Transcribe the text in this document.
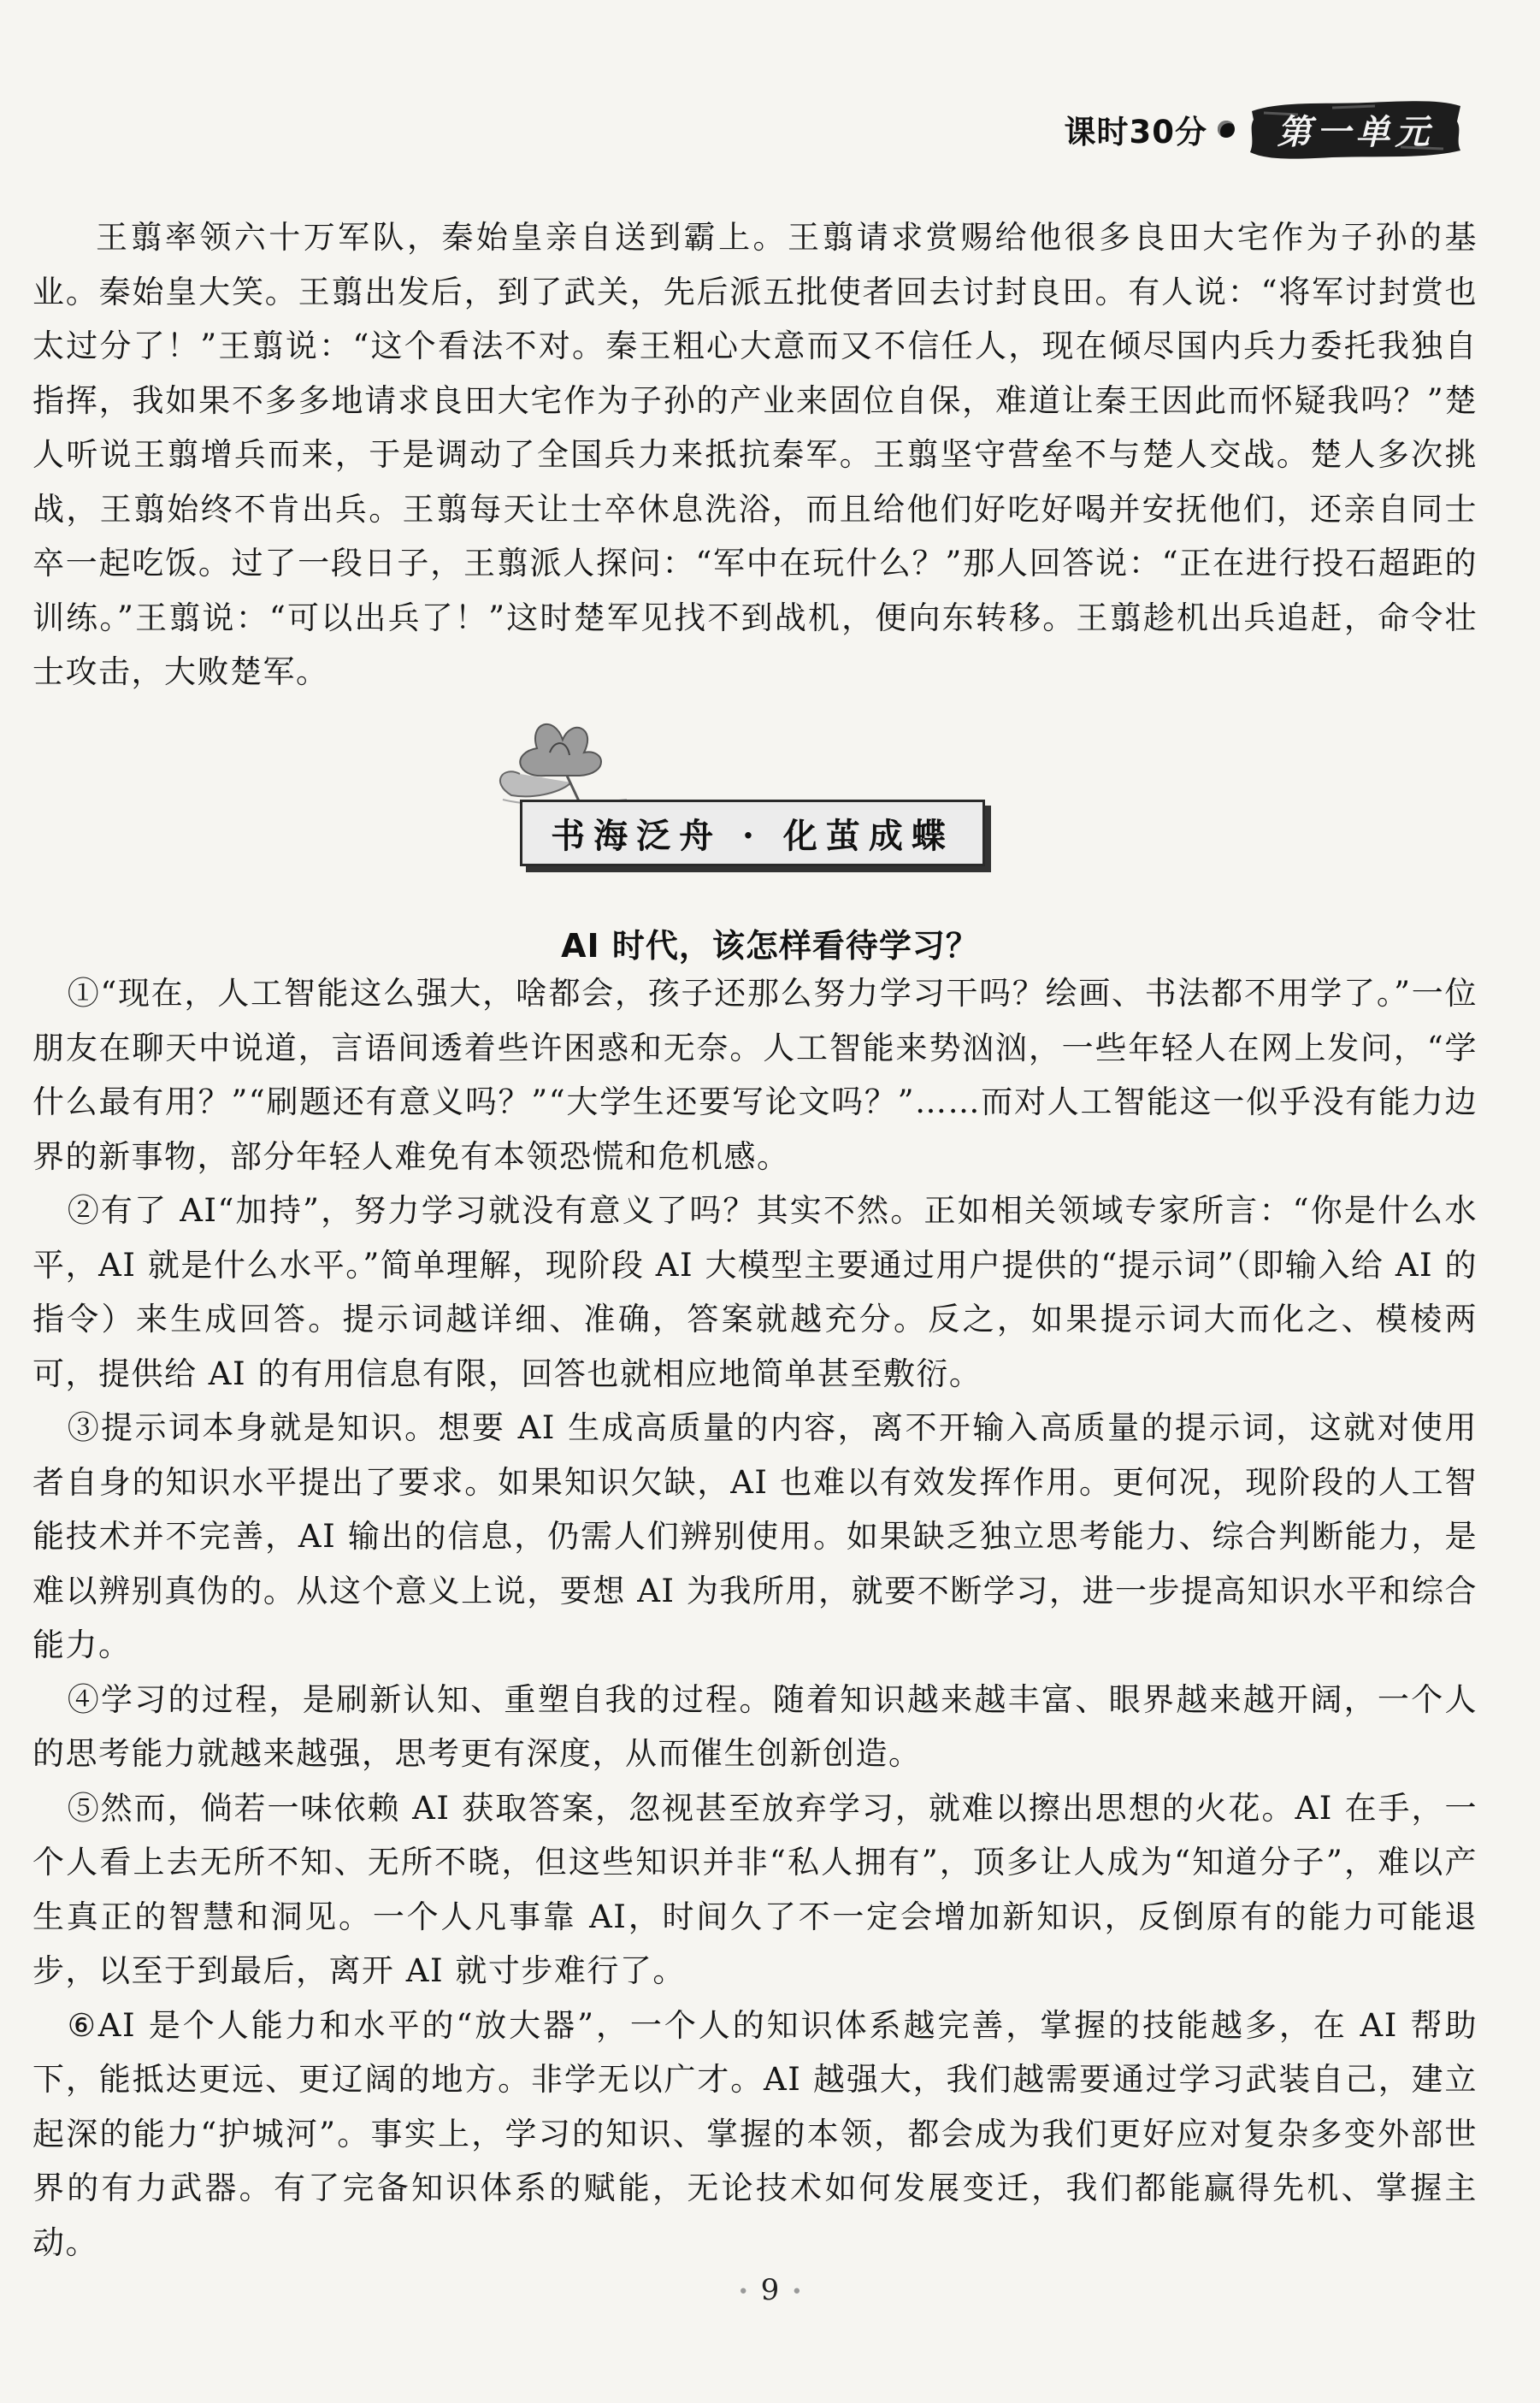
课时30分 第一单元

王翦率领六十万军队，秦始皇亲自送到霸上。王翦请求赏赐给他很多良田大宅作为子孙的基业。秦始皇大笑。王翦出发后，到了武关，先后派五批使者回去讨封良田。有人说：“将军讨封赏也太过分了！”王翦说：“这个看法不对。秦王粗心大意而又不信任人，现在倾尽国内兵力委托我独自指挥，我如果不多多地请求良田大宅作为子孙的产业来固位自保，难道让秦王因此而怀疑我吗？”楚人听说王翦增兵而来，于是调动了全国兵力来抵抗秦军。王翦坚守营垒不与楚人交战。楚人多次挑战，王翦始终不肯出兵。王翦每天让士卒休息洗浴，而且给他们好吃好喝并安抚他们，还亲自同士卒一起吃饭。过了一段日子，王翦派人探问：“军中在玩什么？”那人回答说：“正在进行投石超距的训练。”王翦说：“可以出兵了！”这时楚军见找不到战机，便向东转移。王翦趁机出兵追赶，命令壮士攻击，大败楚军。

书海泛舟 · 化茧成蝶
AI 时代，该怎样看待学习？

①“现在，人工智能这么强大，啥都会，孩子还那么努力学习干吗？绘画、书法都不用学了。”一位朋友在聊天中说道，言语间透着些许困惑和无奈。人工智能来势汹汹，一些年轻人在网上发问，“学什么最有用？”“刷题还有意义吗？”“大学生还要写论文吗？”……而对人工智能这一似乎没有能力边界的新事物，部分年轻人难免有本领恐慌和危机感。

②有了 AI“加持”，努力学习就没有意义了吗？其实不然。正如相关领域专家所言：“你是什么水平，AI 就是什么水平。”简单理解，现阶段 AI 大模型主要通过用户提供的“提示词”（即输入给 AI 的指令）来生成回答。提示词越详细、准确，答案就越充分。反之，如果提示词大而化之、模棱两可，提供给 AI 的有用信息有限，回答也就相应地简单甚至敷衍。

③提示词本身就是知识。想要 AI 生成高质量的内容，离不开输入高质量的提示词，这就对使用者自身的知识水平提出了要求。如果知识欠缺，AI 也难以有效发挥作用。更何况，现阶段的人工智能技术并不完善，AI 输出的信息，仍需人们辨别使用。如果缺乏独立思考能力、综合判断能力，是难以辨别真伪的。从这个意义上说，要想 AI 为我所用，就要不断学习，进一步提高知识水平和综合能力。

④学习的过程，是刷新认知、重塑自我的过程。随着知识越来越丰富、眼界越来越开阔，一个人的思考能力就越来越强，思考更有深度，从而催生创新创造。

⑤然而，倘若一味依赖 AI 获取答案，忽视甚至放弃学习，就难以擦出思想的火花。AI 在手，一个人看上去无所不知、无所不晓，但这些知识并非“私人拥有”，顶多让人成为“知道分子”，难以产生真正的智慧和洞见。一个人凡事靠 AI，时间久了不一定会增加新知识，反倒原有的能力可能退步，以至于到最后，离开 AI 就寸步难行了。

⑥AI 是个人能力和水平的“放大器”，一个人的知识体系越完善，掌握的技能越多，在 AI 帮助下，能抵达更远、更辽阔的地方。非学无以广才。AI 越强大，我们越需要通过学习武装自己，建立起深的能力“护城河”。事实上，学习的知识、掌握的本领，都会成为我们更好应对复杂多变外部世界的有力武器。有了完备知识体系的赋能，无论技术如何发展变迁，我们都能赢得先机、掌握主动。

• 9 •
